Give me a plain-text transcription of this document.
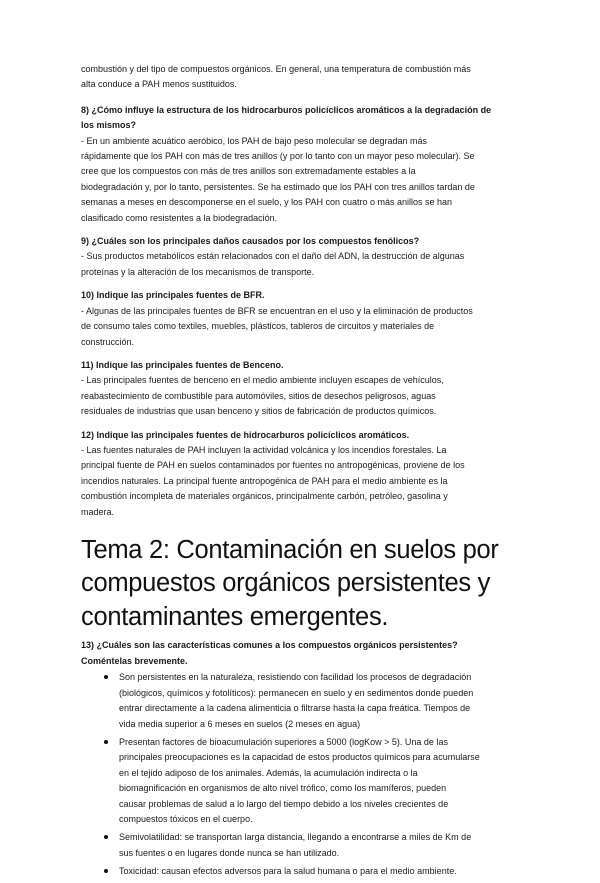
combustión y del tipo de compuestos orgánicos. En general, una temperatura de combustión más
alta conduce a PAH menos sustituidos.
8) ¿Cómo influye la estructura de los hidrocarburos policíclicos aromáticos a la degradación de
los mismos?
- En un ambiente acuático aeróbico, los PAH de bajo peso molecular se degradan más
rápidamente que los PAH con más de tres anillos (y por lo tanto con un mayor peso molecular). Se
cree que los compuestos con más de tres anillos son extremadamente estables a la
biodegradación y, por lo tanto, persistentes. Se ha estimado que los PAH con tres anillos tardan de
semanas a meses en descomponerse en el suelo, y los PAH con cuatro o más anillos se han
clasificado como resistentes a la biodegradación.
9) ¿Cuáles son los principales daños causados por los compuestos fenólicos?
- Sus productos metabólicos están relacionados con el daño del ADN, la destrucción de algunas
proteínas y la alteración de los mecanismos de transporte.
10) Indique las principales fuentes de BFR.
- Algunas de las principales fuentes de BFR se encuentran en el uso y la eliminación de productos
de consumo tales como textiles, muebles, plásticos, tableros de circuitos y materiales de
construcción.
11) Indique las principales fuentes de Benceno.
- Las principales fuentes de benceno en el medio ambiente incluyen escapes de vehículos,
reabastecimiento de combustible para automóviles, sitios de desechos peligrosos, aguas
residuales de industrias que usan benceno y sitios de fabricación de productos químicos.
12) Indique las principales fuentes de hidrocarburos policíclicos aromáticos.
- Las fuentes naturales de PAH incluyen la actividad volcánica y los incendios forestales. La
principal fuente de PAH en suelos contaminados por fuentes no antropogénicas, proviene de los
incendios naturales. La principal fuente antropogénica de PAH para el medio ambiente es la
combustión incompleta de materiales orgánicos, principalmente carbón, petróleo, gasolina y
madera.
Tema 2: Contaminación en suelos por
compuestos orgánicos persistentes y
contaminantes emergentes.
13) ¿Cuáles son las características comunes a los compuestos orgánicos persistentes?
Coméntelas brevemente.
Son persistentes en la naturaleza, resistiendo con facilidad los procesos de degradación
(biológicos, químicos y fotolíticos): permanecen en suelo y en sedimentos donde pueden
entrar directamente a la cadena alimenticia o filtrarse hasta la capa freática. Tiempos de
vida media superior a 6 meses en suelos (2 meses en agua)
Presentan factores de bioacumulación superiores a 5000 (logKow > 5). Una de las
principales preocupaciones es la capacidad de estos productos químicos para acumularse
en el tejido adiposo de los animales. Además, la acumulación indirecta o la
biomagnificación en organismos de alto nivel trófico, como los mamíferos, pueden
causar problemas de salud a lo largo del tiempo debido a los niveles crecientes de
compuestos tóxicos en el cuerpo.
Semivolatilidad: se transportan larga distancia, llegando a encontrarse a miles de Km de
sus fuentes o en lugares donde nunca se han utilizado.
Toxicidad: causan efectos adversos para la salud humana o para el medio ambiente.
